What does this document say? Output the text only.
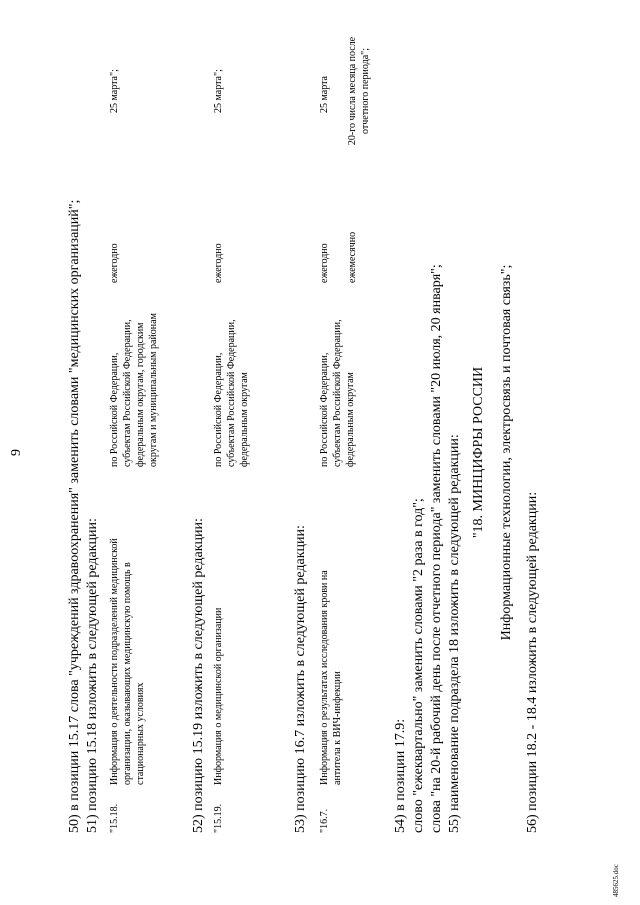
9	50) в позиции 15.17 слова "учреждений здравоохранения" заменить словами "медицинских организаций"; 51) позицию 15.18 изложить в следующей редакции: "15.18.
Информация о деятельности подразделений медицинской организации, оказывающих медицинскую помощь в стационарных условиях
по Российской Федерации, субъектам Российской Федерации, федеральным округам, городским округам и муниципальным районам
ежегодно
25 марта";
52) позицию 15.19 изложить в следующей редакции: "15.19.
Информация о медицинской организации
по Российской Федерации, субъектам Российской Федерации, федеральным округам
ежегодно
25 марта";
53) позицию 16.7 изложить в следующей редакции: "16.7.
Информация о результатах исследования крови на антитела к ВИЧ-инфекции
по Российской Федерации, субъектам Российской Федерации, федеральным округам
ежегодно
25 марта
ежемесячно
20-го числа месяца после отчетного периода";
54) в позиции 17.9: слово "ежеквартально" заменить словами "2 раза в год"; слова "на 20-й рабочий день после отчетного периода" заменить словами "20 июля, 20 января"; 55) наименование подраздела 18 изложить в следующей редакции: "18. МИНЦИФРЫ РОССИИ Информационные технологии, электросвязь и почтовая связь";
56) позиции 18.2 - 18.4 изложить в следующей редакции:
485625.doc
